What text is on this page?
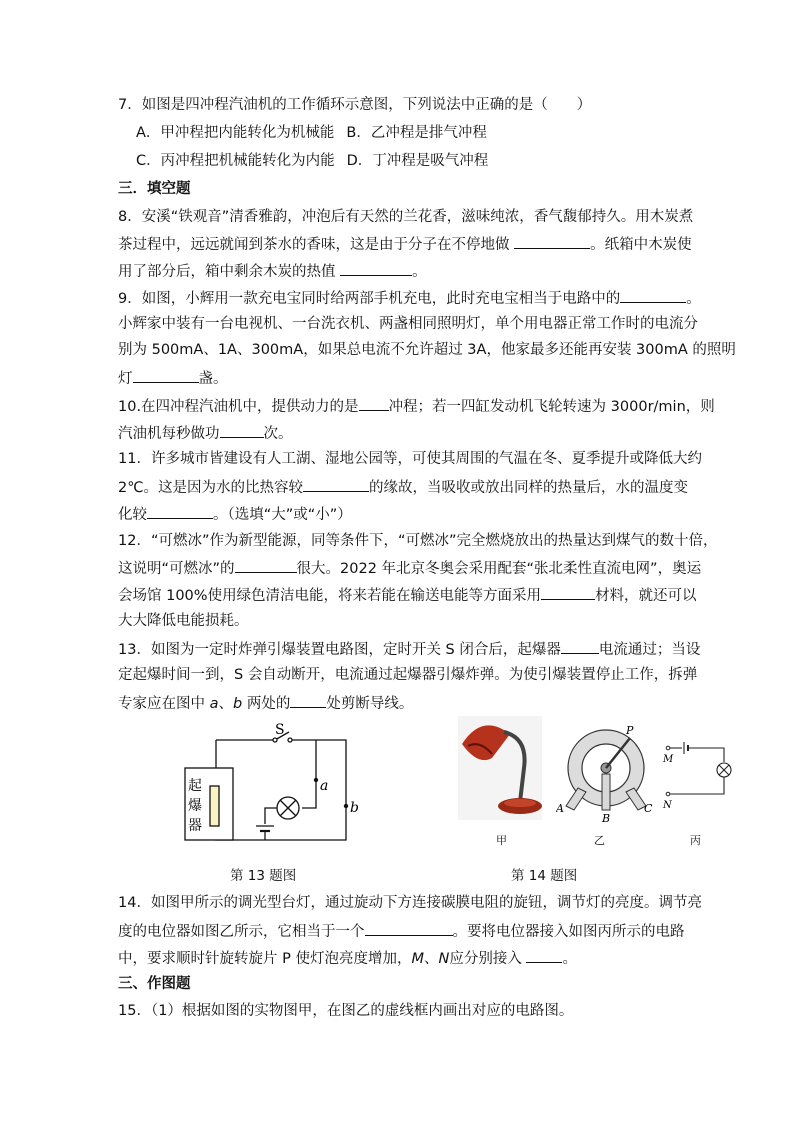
7．如图是四冲程汽油机的工作循环示意图，下列说法中正确的是（　　）
A．甲冲程把内能转化为机械能 B．乙冲程是排气冲程
C．丙冲程把机械能转化为内能 D．丁冲程是吸气冲程
三．填空题
8．安溪“铁观音”清香雅韵，冲泡后有天然的兰花香，滋味纯浓，香气馥郁持久。用木炭煮
茶过程中，远远就闻到茶水的香味，这是由于分子在不停地做	。纸箱中木炭使
用了部分后，箱中剩余木炭的热值	。
9．如图，小辉用一款充电宝同时给两部手机充电，此时充电宝相当于电路中的	。
小辉家中装有一台电视机、一台洗衣机、两盏相同照明灯，单个用电器正常工作时的电流分
别为 500mA、1A、300mA，如果总电流不允许超过 3A，他家最多还能再安装 300mA 的照明
灯	盏。
10.在四冲程汽油机中，提供动力的是 冲程；若一四缸发动机飞轮转速为 3000r/min，则
汽油机每秒做功	次。
11．许多城市皆建设有人工湖、湿地公园等，可使其周围的气温在冬、夏季提升或降低大约
2℃。这是因为水的比热容较	的缘故，当吸收或放出同样的热量后，水的温度变
化较	。（选填“大”或“小”）
12．“可燃冰”作为新型能源，同等条件下，“可燃冰”完全燃烧放出的热量达到煤气的数十倍，
这说明“可燃冰”的	很大。2022 年北京冬奥会采用配套“张北柔性直流电网”，奥运
会场馆 100%使用绿色清洁电能，将来若能在输送电能等方面采用	材料，就还可以
大大降低电能损耗。
13．如图为一定时炸弹引爆装置电路图，定时开关 S 闭合后，起爆器	电流通过；当设
定起爆时间一到，S 会自动断开，电流通过起爆器引爆炸弹。为使引爆装置停止工作，拆弹
专家应在图中 a、b 两处的 处剪断导线。
S
a
b
起
爆
器
第 13 题图
P
A
B
C
M
N
甲	乙	丙
第 14 题图
14．如图甲所示的调光型台灯，通过旋动下方连接碳膜电阻的旋钮，调节灯的亮度。调节亮
度的电位器如图乙所示，它相当于一个	。要将电位器接入如图丙所示的电路
中，要求顺时针旋转旋片 P 使灯泡亮度增加，M、N应分别接入	。
三、作图题
15．（1）根据如图的实物图甲，在图乙的虚线框内画出对应的电路图。
